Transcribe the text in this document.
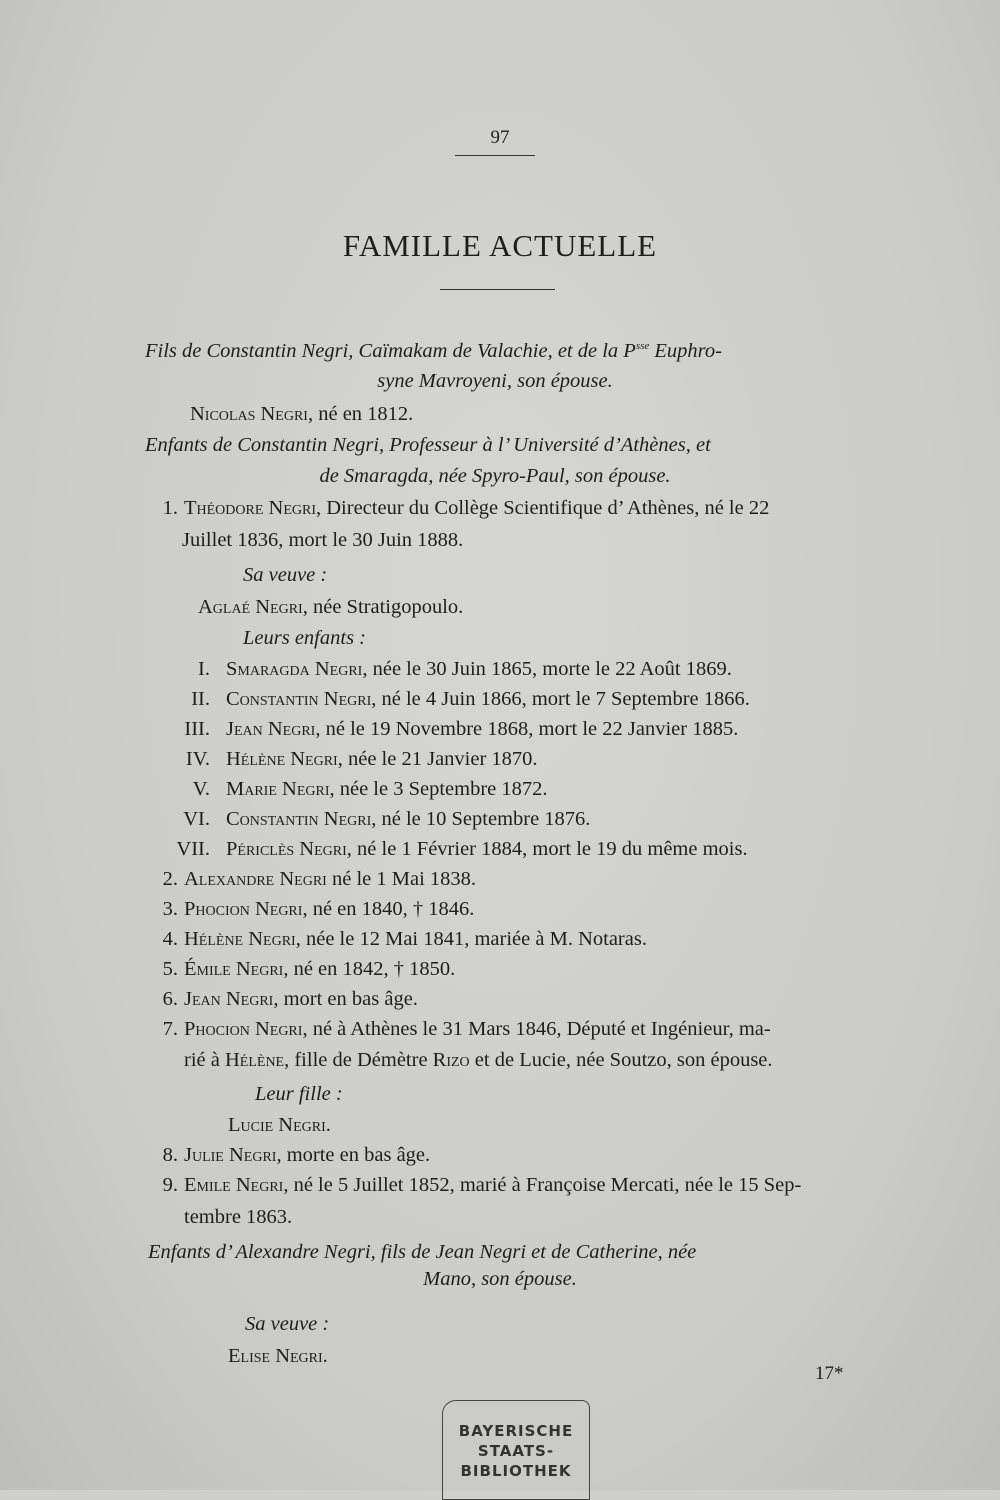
97
FAMILLE ACTUELLE
Fils de Constantin Negri, Caïmakam de Valachie, et de la $P^{sse}$ Euphro-
syne Mavroyeni, son épouse.
Nicolas Negri, né en 1812.
Enfants de Constantin Negri, Professeur à l’ Université d’Athènes, et
de Smaragda, née Spyro-Paul, son épouse.
1. Théodore Negri, Directeur du Collège Scientifique d’ Athènes, né le 22
Juillet 1836, mort le 30 Juin 1888.
Sa veuve :
Aglaé Negri, née Stratigopoulo.
Leurs enfants :
I. Smaragda Negri, née le 30 Juin 1865, morte le 22 Août 1869.
II. Constantin Negri, né le 4 Juin 1866, mort le 7 Septembre 1866.
III. Jean Negri, né le 19 Novembre 1868, mort le 22 Janvier 1885.
IV. Hélène Negri, née le 21 Janvier 1870.
V. Marie Negri, née le 3 Septembre 1872.
VI. Constantin Negri, né le 10 Septembre 1876.
VII. Périclès Negri, né le 1 Février 1884, mort le 19 du même mois.
2. Alexandre Negri né le 1 Mai 1838.
3. Phocion Negri, né en 1840, † 1846.
4. Hélène Negri, née le 12 Mai 1841, mariée à M. Notaras.
5. Émile Negri, né en 1842, † 1850.
6. Jean Negri, mort en bas âge.
7. Phocion Negri, né à Athènes le 31 Mars 1846, Député et Ingénieur, ma-
rié à Hélène, fille de Démètre Rizo et de Lucie, née Soutzo, son épouse.
Leur fille :
Lucie Negri.
8. Julie Negri, morte en bas âge.
9. Emile Negri, né le 5 Juillet 1852, marié à Françoise Mercati, née le 15 Sep-
tembre 1863.
Enfants d’ Alexandre Negri, fils de Jean Negri et de Catherine, née
Mano, son épouse.
Sa veuve :
Elise Negri.
17*
BAYERISCHE
STAATS-
BIBLIOTHEK
